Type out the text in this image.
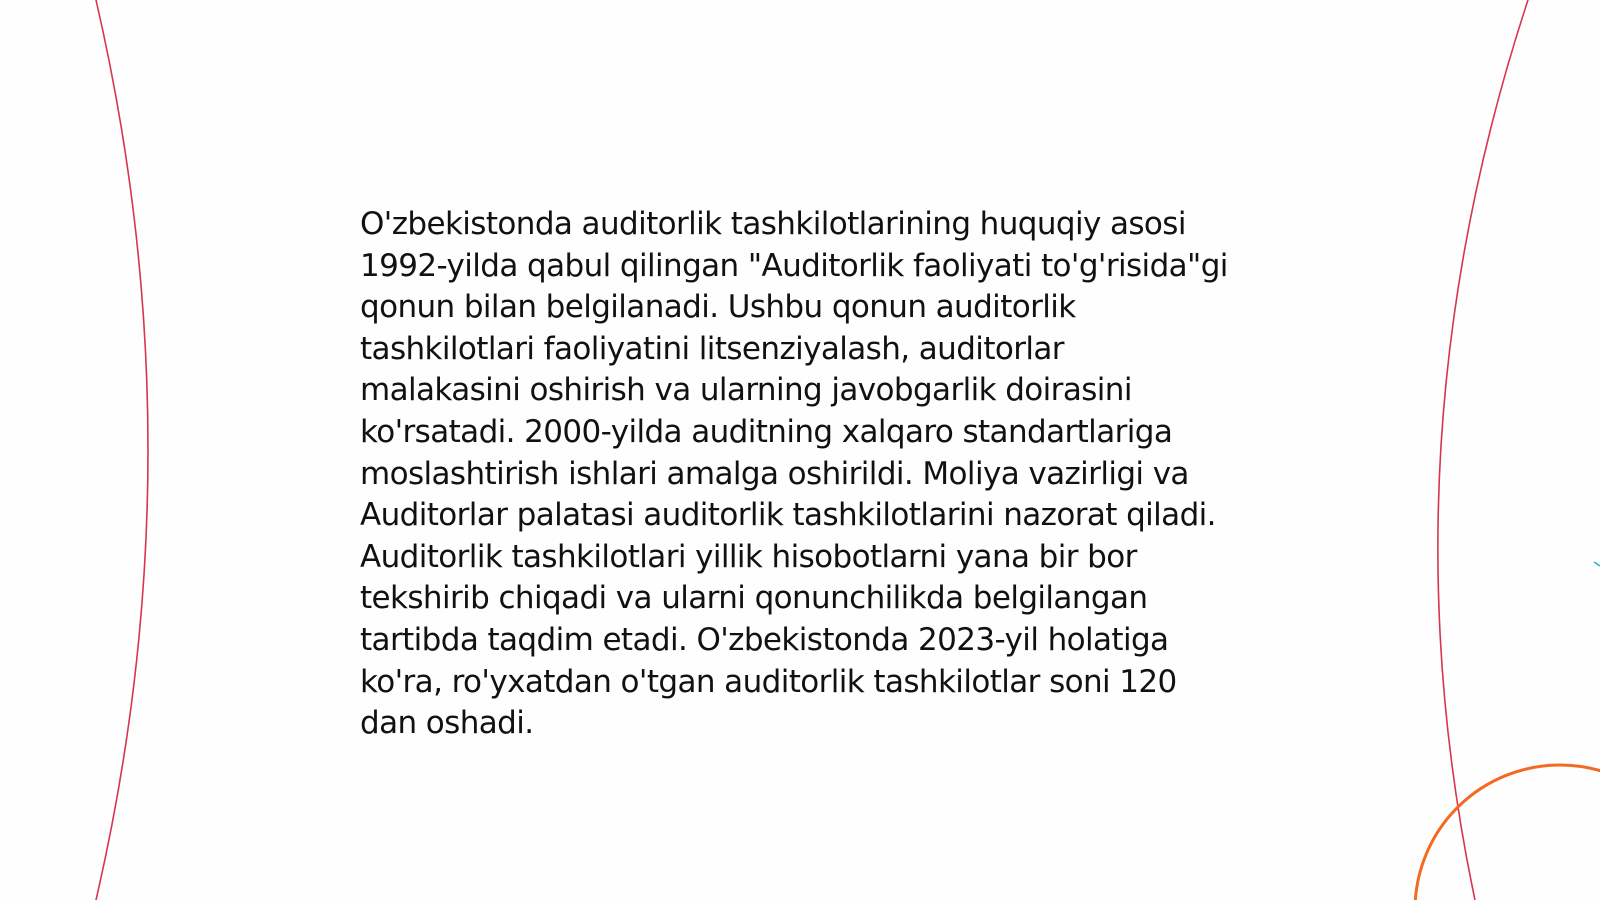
O'zbekistonda auditorlik tashkilotlarining huquqiy asosi 1992-yilda qabul qilingan "Auditorlik faoliyati to'g'risida"gi qonun bilan belgilanadi. Ushbu qonun auditorlik tashkilotlari faoliyatini litsenziyalash, auditorlar malakasini oshirish va ularning javobgarlik doirasini ko'rsatadi. 2000-yilda auditning xalqaro standartlariga moslashtirish ishlari amalga oshirildi. Moliya vazirligi va Auditorlar palatasi auditorlik tashkilotlarini nazorat qiladi. Auditorlik tashkilotlari yillik hisobotlarni yana bir bor tekshirib chiqadi va ularni qonunchilikda belgilangan tartibda taqdim etadi. O'zbekistonda 2023-yil holatiga ko'ra, ro'yxatdan o'tgan auditorlik tashkilotlar soni 120 dan oshadi.
